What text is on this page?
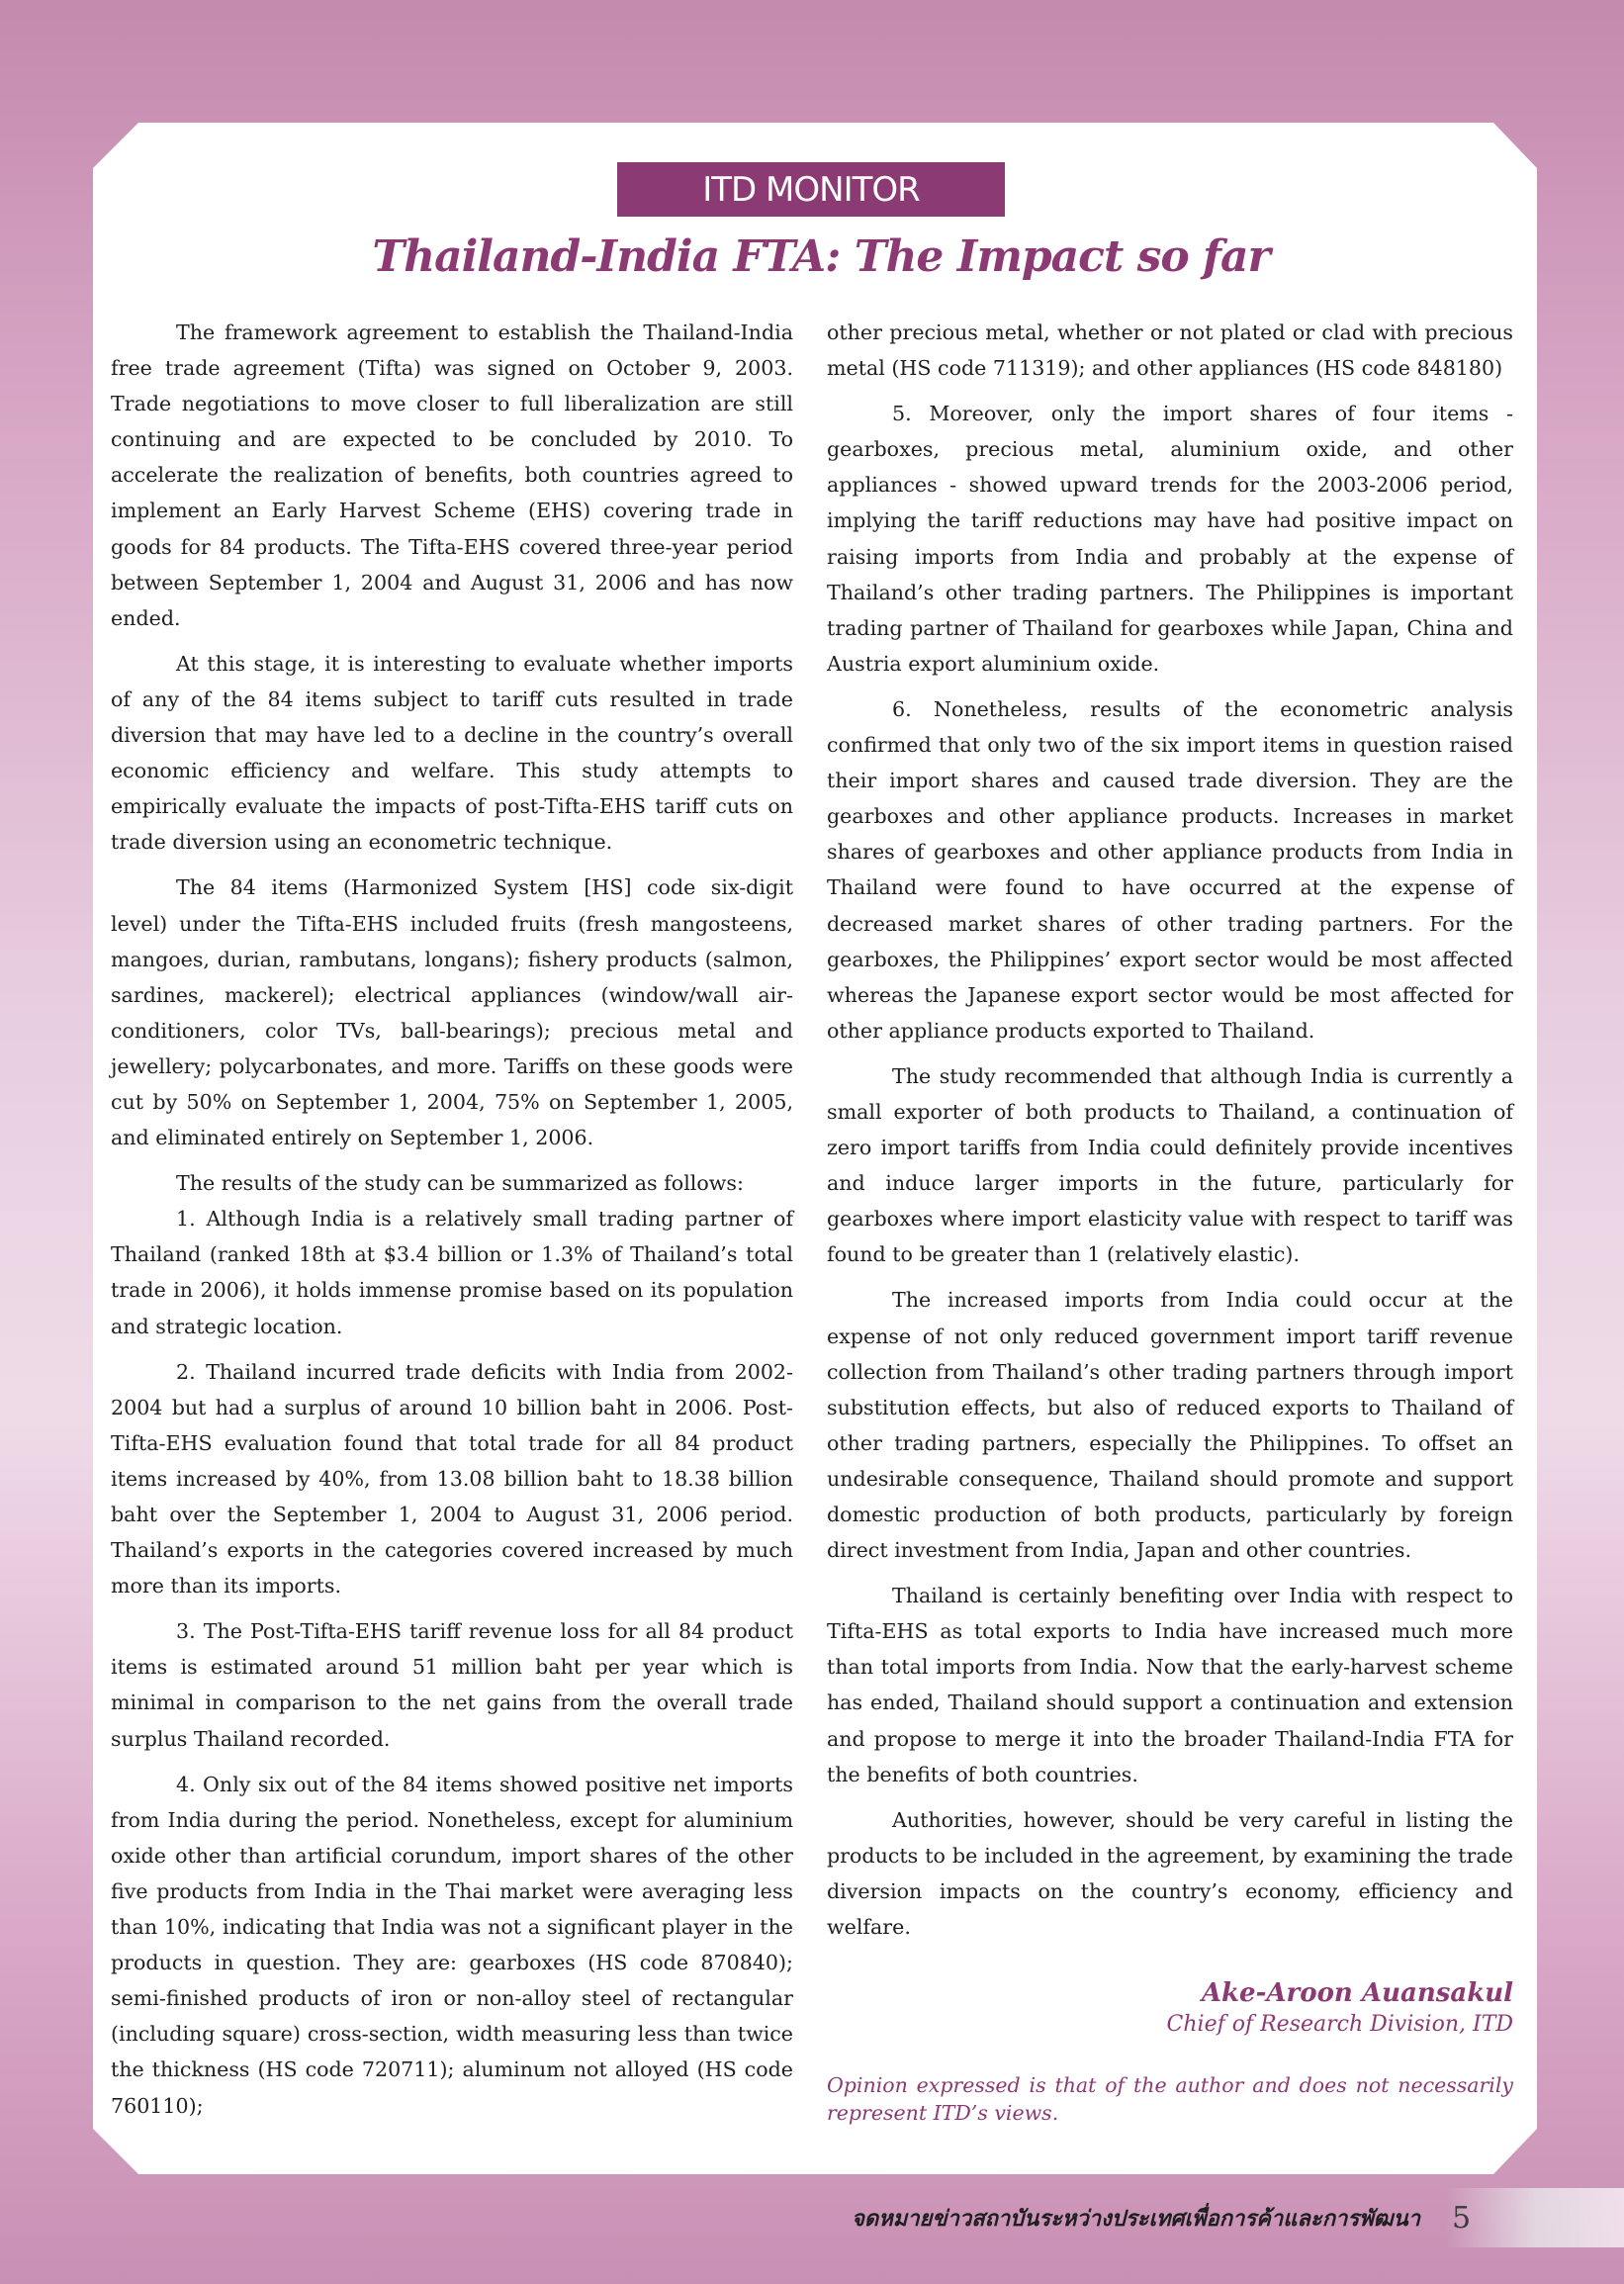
ITD MONITOR
Thailand-India FTA: The Impact so far

The framework agreement to establish the Thailand-India free trade agreement (Tifta) was signed on October 9, 2003. Trade negotiations to move closer to full liberalization are still continuing and are expected to be concluded by 2010. To accelerate the realization of benefits, both countries agreed to implement an Early Harvest Scheme (EHS) covering trade in goods for 84 products. The Tifta-EHS covered three-year period between September 1, 2004 and August 31, 2006 and has now ended.

At this stage, it is interesting to evaluate whether imports of any of the 84 items subject to tariff cuts resulted in trade diversion that may have led to a decline in the country’s overall economic efficiency and welfare. This study attempts to empirically evaluate the impacts of post-Tifta-EHS tariff cuts on trade diversion using an econometric technique.

The 84 items (Harmonized System [HS] code six-digit level) under the Tifta-EHS included fruits (fresh mangosteens, mangoes, durian, rambutans, longans); fishery products (salmon, sardines, mackerel); electrical appliances (window/wall air-conditioners, color TVs, ball-bearings); precious metal and jewellery; polycarbonates, and more. Tariffs on these goods were cut by 50% on September 1, 2004, 75% on September 1, 2005, and eliminated entirely on September 1, 2006.

The results of the study can be summarized as follows:

1. Although India is a relatively small trading partner of Thailand (ranked 18th at $3.4 billion or 1.3% of Thailand’s total trade in 2006), it holds immense promise based on its population and strategic location.

2. Thailand incurred trade deficits with India from 2002-2004 but had a surplus of around 10 billion baht in 2006. Post-Tifta-EHS evaluation found that total trade for all 84 product items increased by 40%, from 13.08 billion baht to 18.38 billion baht over the September 1, 2004 to August 31, 2006 period. Thailand’s exports in the categories covered increased by much more than its imports.

3. The Post-Tifta-EHS tariff revenue loss for all 84 product items is estimated around 51 million baht per year which is minimal in comparison to the net gains from the overall trade surplus Thailand recorded.

4. Only six out of the 84 items showed positive net imports from India during the period. Nonetheless, except for aluminium oxide other than artificial corundum, import shares of the other five products from India in the Thai market were averaging less than 10%, indicating that India was not a significant player in the products in question. They are: gearboxes (HS code 870840); semi-finished products of iron or non-alloy steel of rectangular (including square) cross-section, width measuring less than twice the thickness (HS code 720711); aluminum not alloyed (HS code 760110);

other precious metal, whether or not plated or clad with precious metal (HS code 711319); and other appliances (HS code 848180)

5. Moreover, only the import shares of four items - gearboxes, precious metal, aluminium oxide, and other appliances - showed upward trends for the 2003-2006 period, implying the tariff reductions may have had positive impact on raising imports from India and probably at the expense of Thailand’s other trading partners. The Philippines is important trading partner of Thailand for gearboxes while Japan, China and Austria export aluminium oxide.

6. Nonetheless, results of the econometric analysis confirmed that only two of the six import items in question raised their import shares and caused trade diversion. They are the gearboxes and other appliance products. Increases in market shares of gearboxes and other appliance products from India in Thailand were found to have occurred at the expense of decreased market shares of other trading partners. For the gearboxes, the Philippines’ export sector would be most affected whereas the Japanese export sector would be most affected for other appliance products exported to Thailand.

The study recommended that although India is currently a small exporter of both products to Thailand, a continuation of zero import tariffs from India could definitely provide incentives and induce larger imports in the future, particularly for gearboxes where import elasticity value with respect to tariff was found to be greater than 1 (relatively elastic).

The increased imports from India could occur at the expense of not only reduced government import tariff revenue collection from Thailand’s other trading partners through import substitution effects, but also of reduced exports to Thailand of other trading partners, especially the Philippines. To offset an undesirable consequence, Thailand should promote and support domestic production of both products, particularly by foreign direct investment from India, Japan and other countries.

Thailand is certainly benefiting over India with respect to Tifta-EHS as total exports to India have increased much more than total imports from India. Now that the early-harvest scheme has ended, Thailand should support a continuation and extension and propose to merge it into the broader Thailand-India FTA for the benefits of both countries.

Authorities, however, should be very careful in listing the products to be included in the agreement, by examining the trade diversion impacts on the country’s economy, efficiency and welfare.

Ake-Aroon Auansakul
Chief of Research Division, ITD
Opinion expressed is that of the author and does not necessarily represent ITD’s views.
จดหมายข่าวสถาบันระหว่างประเทศเพื่อการค้าและการพัฒนา 5
